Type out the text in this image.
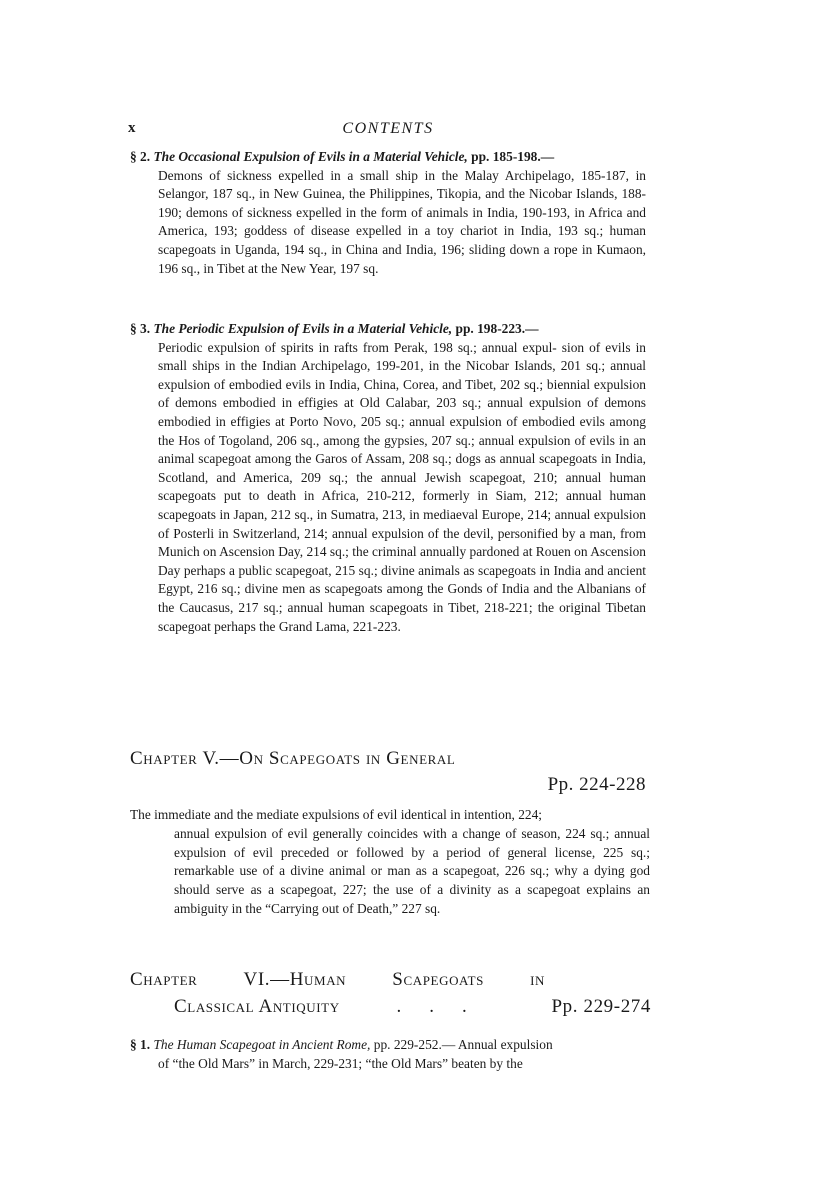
x	CONTENTS
§ 2. The Occasional Expulsion of Evils in a Material Vehicle, pp. 185-198.—
Demons of sickness expelled in a small ship in the Malay Archipelago, 185-187, in Selangor, 187 sq., in New Guinea, the Philippines, Tikopia, and the Nicobar Islands, 188-190; demons of sickness expelled in the form of animals in India, 190-193, in Africa and America, 193; goddess of disease expelled in a toy chariot in India, 193 sq.; human scapegoats in Uganda, 194 sq., in China and India, 196; sliding down a rope in Kumaon, 196 sq., in Tibet at the New Year, 197 sq.
§ 3. The Periodic Expulsion of Evils in a Material Vehicle, pp. 198-223.—
Periodic expulsion of spirits in rafts from Perak, 198 sq.; annual expul- sion of evils in small ships in the Indian Archipelago, 199-201, in the Nicobar Islands, 201 sq.; annual expulsion of embodied evils in India, China, Corea, and Tibet, 202 sq.; biennial expulsion of demons embodied in effigies at Old Calabar, 203 sq.; annual expulsion of demons embodied in effigies at Porto Novo, 205 sq.; annual expulsion of embodied evils among the Hos of Togoland, 206 sq., among the gypsies, 207 sq.; annual expulsion of evils in an animal scapegoat among the Garos of Assam, 208 sq.; dogs as annual scapegoats in India, Scotland, and America, 209 sq.; the annual Jewish scapegoat, 210; annual human scapegoats put to death in Africa, 210-212, formerly in Siam, 212; annual human scapegoats in Japan, 212 sq., in Sumatra, 213, in mediaeval Europe, 214; annual expulsion of Posterli in Switzerland, 214; annual expulsion of the devil, personified by a man, from Munich on Ascension Day, 214 sq.; the criminal annually pardoned at Rouen on Ascension Day perhaps a public scapegoat, 215 sq.; divine animals as scapegoats in India and ancient Egypt, 216 sq.; divine men as scapegoats among the Gonds of India and the Albanians of the Caucasus, 217 sq.; annual human scapegoats in Tibet, 218-221; the original Tibetan scapegoat perhaps the Grand Lama, 221-223.
Chapter V.—On Scapegoats in General
Pp. 224-228
The immediate and the mediate expulsions of evil identical in intention, 224;
annual expulsion of evil generally coincides with a change of season, 224 sq.; annual expulsion of evil preceded or followed by a period of general license, 225 sq.; remarkable use of a divine animal or man as a scapegoat, 226 sq.; why a dying god should serve as a scapegoat, 227; the use of a divinity as a scapegoat explains an ambiguity in the “Carrying out of Death,” 227 sq.
Chapter VI.—Human Scapegoats in
Classical Antiquity	...	Pp. 229-274
§ 1. The Human Scapegoat in Ancient Rome, pp. 229-252.— Annual expulsion
of “the Old Mars” in March, 229-231; “the Old Mars” beaten by the
